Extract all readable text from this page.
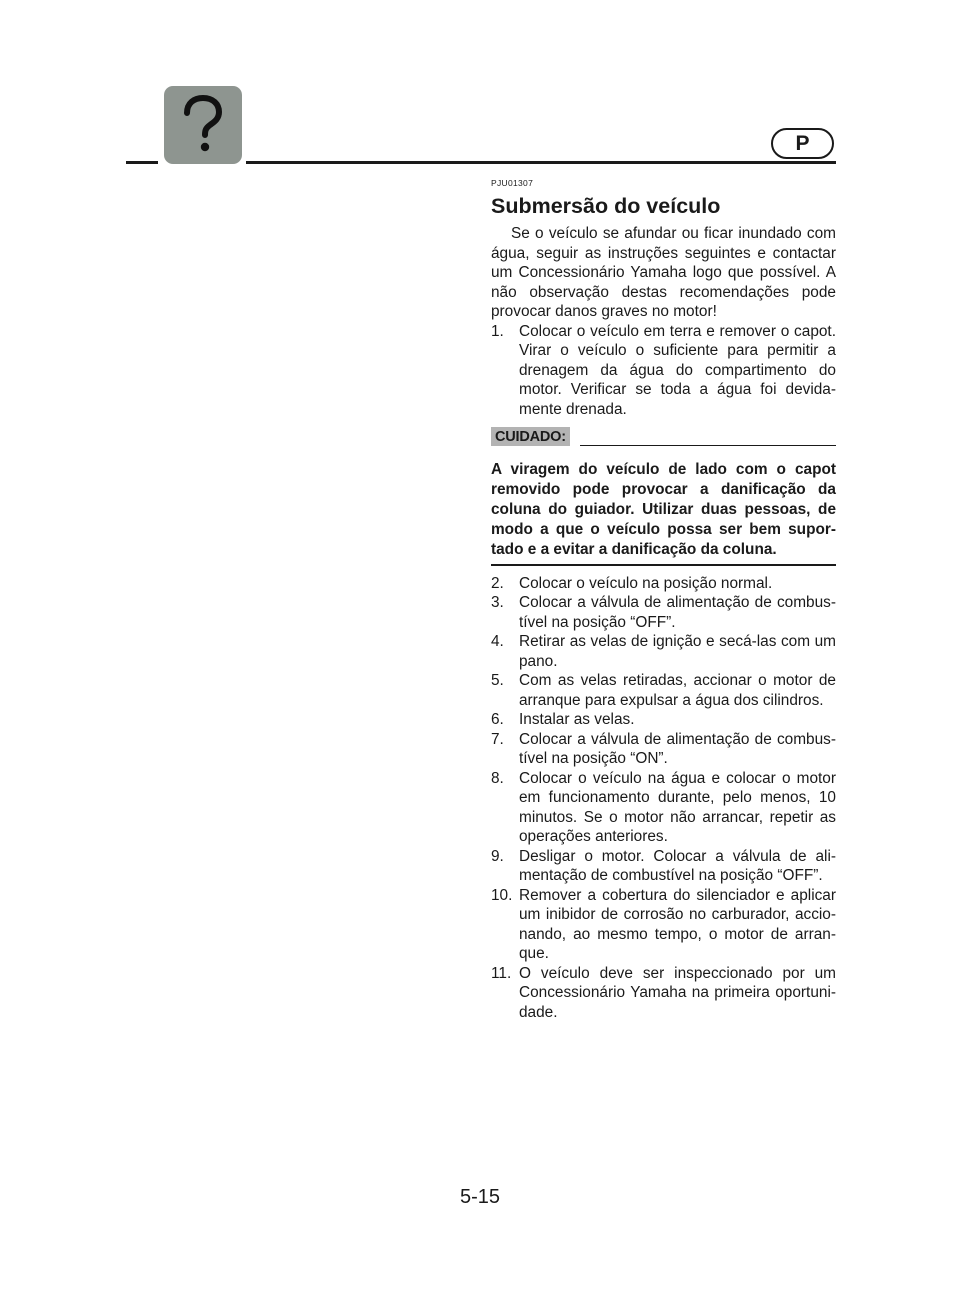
P
PJU01307
Submersão do veículo

Se o veículo se afundar ou ficar inundado com água, seguir as instruções seguintes e contactar um Concessionário Yamaha logo que possível. A não observação destas recomendações pode provocar danos graves no motor!

1. Colocar o veículo em terra e remover o capot. Virar o veículo o suficiente para permitir a drenagem da água do compartimento do motor. Verificar se toda a água foi devida-mente drenada.
CUIDADO:

A viragem do veículo de lado com o capot removido pode provocar a danificação da coluna do guiador. Utilizar duas pessoas, de modo a que o veículo possa ser bem supor-tado e a evitar a danificação da coluna.

2. Colocar o veículo na posição normal.
3. Colocar a válvula de alimentação de combus-tível na posição “OFF”.
4. Retirar as velas de ignição e secá-las com um pano.
5. Com as velas retiradas, accionar o motor de arranque para expulsar a água dos cilindros.
6. Instalar as velas.
7. Colocar a válvula de alimentação de combus-tível na posição “ON”.
8. Colocar o veículo na água e colocar o motor em funcionamento durante, pelo menos, 10 minutos. Se o motor não arrancar, repetir as operações anteriores.
9. Desligar o motor. Colocar a válvula de ali-mentação de combustível na posição “OFF”.
10. Remover a cobertura do silenciador e aplicar um inibidor de corrosão no carburador, accio-nando, ao mesmo tempo, o motor de arran-que.
11. O veículo deve ser inspeccionado por um Concessionário Yamaha na primeira oportuni-dade.
5-15
